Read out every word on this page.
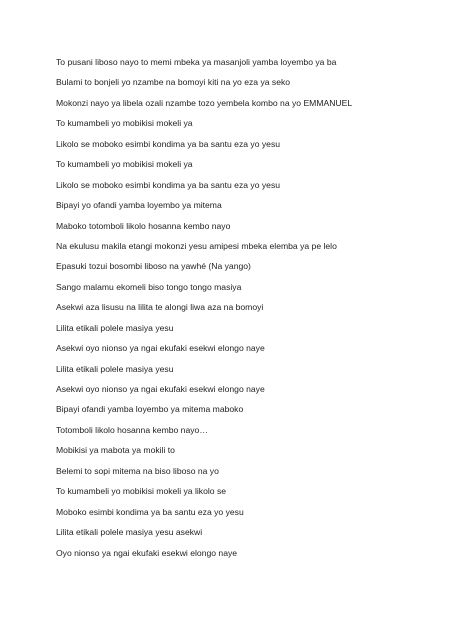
To pusani liboso nayo to memi mbeka ya masanjoli yamba loyembo ya ba
Bulami to bonjeli yo nzambe na bomoyi kiti na yo eza ya seko
Mokonzi nayo ya libela ozali nzambe tozo yembela kombo na yo EMMANUEL
To kumambeli yo mobikisi mokeli ya
Likolo se moboko esimbi kondima ya ba santu eza yo yesu
To kumambeli yo mobikisi mokeli ya
Likolo se moboko esimbi kondima ya ba santu eza yo yesu
Bipayi yo ofandi yamba loyembo ya mitema
Maboko totomboli likolo hosanna kembo nayo
Na ekulusu makila etangi mokonzi yesu amipesi mbeka elemba ya pe lelo
Epasuki tozui bosombi liboso na yawhé (Na yango)
Sango malamu ekomeli biso tongo tongo masiya
Asekwi aza lisusu na lilita te alongi liwa aza na bomoyi
Lilita etikali polele masiya yesu
Asekwi oyo nionso ya ngai ekufaki esekwi elongo naye
Lilita etikali polele masiya yesu
Asekwi oyo nionso ya ngai ekufaki esekwi elongo naye
Bipayi ofandi yamba loyembo ya mitema maboko
Totomboli likolo hosanna kembo nayo…
Mobikisi ya mabota ya mokili to
Belemi to sopi mitema na biso liboso na yo
To kumambeli yo mobikisi mokeli ya likolo se
Moboko esimbi kondima ya ba santu eza yo yesu
Lilita etikali polele masiya yesu asekwi
Oyo nionso ya ngai ekufaki esekwi elongo naye
